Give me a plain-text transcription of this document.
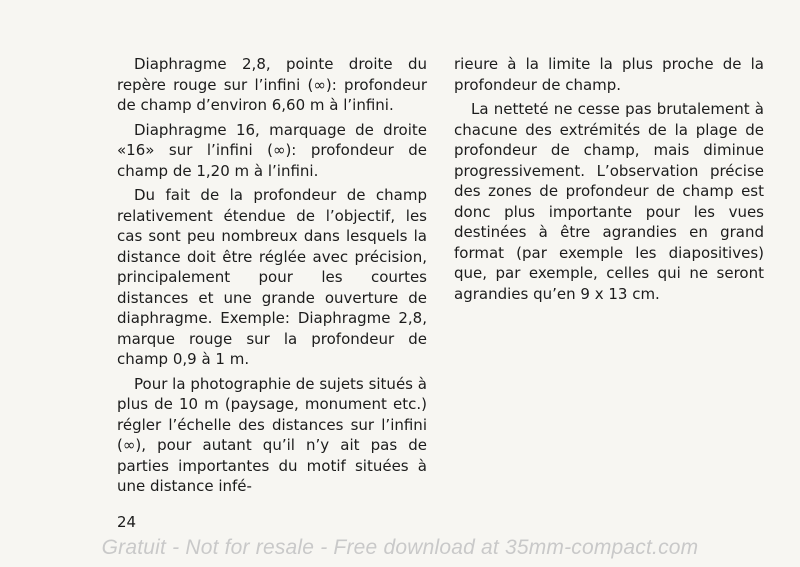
Diaphragme 2,8, pointe droite du repère rouge sur l’infini (∞): profondeur de champ d’environ 6,60 m à l’infini.

Diaphragme 16, marquage de droite «16» sur l’infini (∞): profondeur de champ de 1,20 m à l’infini.

Du fait de la profondeur de champ relativement étendue de l’objectif, les cas sont peu nombreux dans lesquels la distance doit être réglée avec précision, principalement pour les courtes distances et une grande ouverture de diaphragme. Exemple: Diaphragme 2,8, marque rouge sur la profondeur de champ 0,9 à 1 m.

Pour la photographie de sujets situés à plus de 10 m (paysage, monument etc.) régler l’échelle des distances sur l’infini (∞), pour autant qu’il n’y ait pas de parties importantes du motif situées à une distance infé-

rieure à la limite la plus proche de la profondeur de champ.

La netteté ne cesse pas brutalement à chacune des extrémités de la plage de profondeur de champ, mais diminue progressivement. L’observation précise des zones de profondeur de champ est donc plus importante pour les vues destinées à être agrandies en grand format (par exemple les diapositives) que, par exemple, celles qui ne seront agrandies qu’en 9 x 13 cm.

24
Gratuit - Not for resale - Free download at 35mm-compact.com
